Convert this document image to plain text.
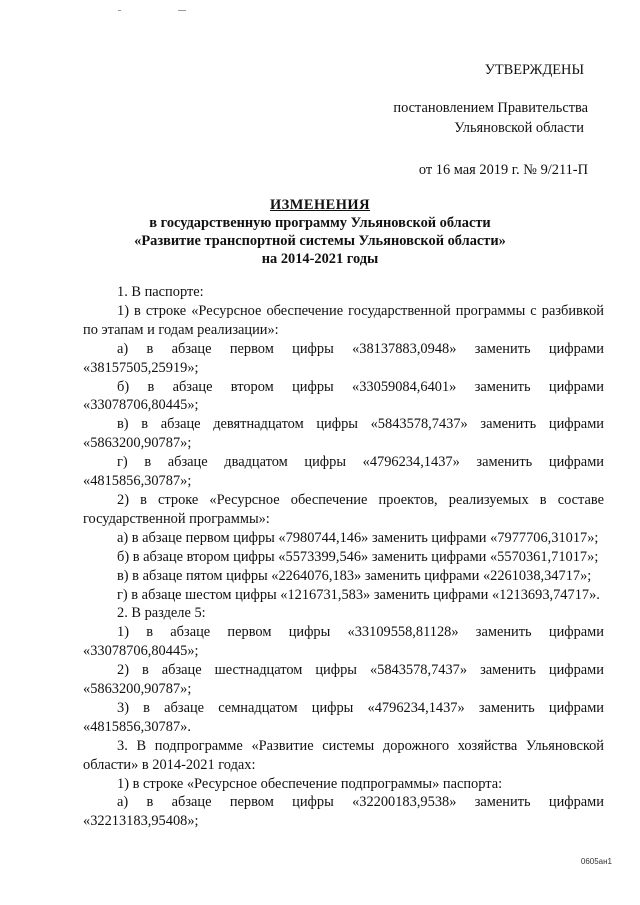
УТВЕРЖДЕНЫ
постановлением Правительства
Ульяновской области
от 16 мая 2019 г. № 9/211-П
ИЗМЕНЕНИЯ
в государственную программу Ульяновской области
«Развитие транспортной системы Ульяновской области»
на 2014-2021 годы
1. В паспорте:
1) в строке «Ресурсное обеспечение государственной программы с разбивкой по этапам и годам реализации»:
а) в абзаце первом цифры «38137883,0948» заменить цифрами «38157505,25919»;
б) в абзаце втором цифры «33059084,6401» заменить цифрами «33078706,80445»;
в) в абзаце девятнадцатом цифры «5843578,7437» заменить цифрами «5863200,90787»;
г) в абзаце двадцатом цифры «4796234,1437» заменить цифрами «4815856,30787»;
2) в строке «Ресурсное обеспечение проектов, реализуемых в составе государственной программы»:
а) в абзаце первом цифры «7980744,146» заменить цифрами «7977706,31017»;
б) в абзаце втором цифры «5573399,546» заменить цифрами «5570361,71017»;
в) в абзаце пятом цифры «2264076,183» заменить цифрами «2261038,34717»;
г) в абзаце шестом цифры «1216731,583» заменить цифрами «1213693,74717».
2. В разделе 5:
1) в абзаце первом цифры «33109558,81128» заменить цифрами «33078706,80445»;
2) в абзаце шестнадцатом цифры «5843578,7437» заменить цифрами «5863200,90787»;
3) в абзаце семнадцатом цифры «4796234,1437» заменить цифрами «4815856,30787».
3. В подпрограмме «Развитие системы дорожного хозяйства Ульяновской области» в 2014-2021 годах:
1) в строке «Ресурсное обеспечение подпрограммы» паспорта:
а) в абзаце первом цифры «32200183,9538» заменить цифрами «32213183,95408»;
0605ан1
